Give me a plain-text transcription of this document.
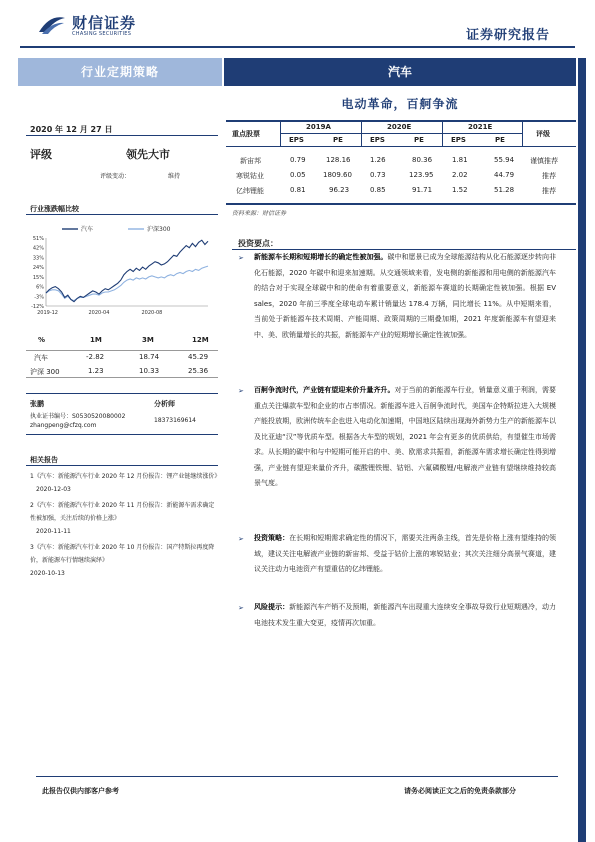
财信证券
CHASING SECURITIES	证券研究报告
行业定期策略	汽车
电动革命，百舸争流
2020 年 12 月 27 日
评级	领先大市
评级变动：	维持
行业涨跌幅比较
汽车	沪深300
51%
42%
33%
24%
15%
6%
-3%
-12%
2019-12	2020-04	2020-08
%	1M	3M	12M
汽车	-2.82	18.74	45.29
沪深 300	1.23	10.33	25.36
张鹏	分析师
执业证书编号：S0530520080002
zhangpeng@cfzq.com
18373169614
相关报告
1《汽车：新能源汽车行业 2020 年 12 月份报告：锂产业链继续涨价》
2020-12-03
2《汽车：新能源汽车行业 2020 年 11 月份报告：新能源车需求确定性被加强，关注后续的价格上涨》
2020-11-11
3《汽车：新能源汽车行业 2020 年 10 月份报告：国产特斯拉再度降价，新能源车行情继续演绎》
2020-10-13
重点股票
2019A	2020E	2021E
评级
EPS	PE	EPS	PE	EPS	PE
新宙邦	0.79	128.16	1.26	80.36	1.81	55.94 谨慎推荐
寒锐钴业	0.05 1809.60	0.73	123.95	2.02	44.79	推荐
亿纬锂能	0.81	96.23	0.85	91.71	1.52	51.28	推荐
资料来源：财信证券
投资要点：
➢ 新能源车长期和短期增长的确定性被加强。碳中和愿景已成为全球能源结构从化石能源逐步转向非化石能源，2020 年碳中和迎来加速期。从交通领域来看，发电侧的新能源和用电侧的新能源汽车的结合对于实现全球碳中和的使命有着重要意义，新能源车赛道的长期确定性被加强。根据 EV sales，2020 年前三季度全球电动车累计销量达 178.4 万辆，同比增长 11%。从中短期来看，当前处于新能源车技术周期、产能周期、政策周期的三期叠加期，2021 年度新能源车有望迎来中、美、欧销量增长的共振，新能源车产业的短期增长确定性被加强。
➢ 百舸争流时代，产业链有望迎来价升量齐升。对于当前的新能源车行业，销量意义重于利润，需要重点关注爆款车型和企业的市占率情况。新能源车进入百舸争流时代，美国车企特斯拉进入大规模产能投放期，欧洲传统车企也进入电动化加速期，中国地区陆续出现海外新势力生产的新能源车以及比亚迪“汉”等优质车型。根据各大车型的规划，2021 年会有更多的优质供给，有望催生市场需求。从长期的碳中和与中短期可能开启的中、美、欧需求共振看，新能源车需求增长确定性得到增强，产业链有望迎来量价齐升，碳酸锂铁锂、钴铝、六氟磷酸锂/电解液产业链有望继续维持较高景气度。
➢ 投资策略：在长期和短期需求确定性的情况下，需要关注两条主线，首先是价格上涨有望维持的领域，建议关注电解液产业链的新宙邦、受益于钴价上涨的寒锐钴业；其次关注细分高景气赛道，建议关注动力电池资产有望重估的亿纬锂能。
➢ 风险提示：新能源汽车产销不及预期，新能源汽车出现重大连续安全事故导致行业短期遇冷，动力电池技术发生重大变更，疫情再次加重。
此报告仅供内部客户参考	请务必阅读正文之后的免责条款部分
